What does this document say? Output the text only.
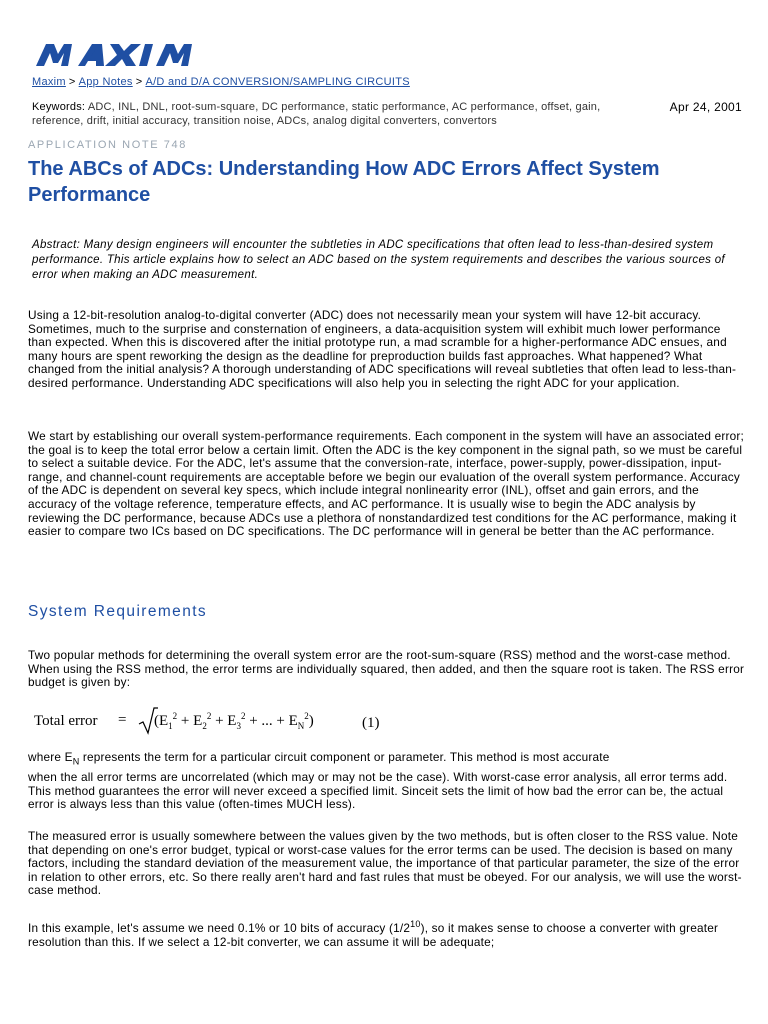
Maxim > App Notes > A/D and D/A CONVERSION/SAMPLING CIRCUITS
Keywords: ADC, INL, DNL, root-sum-square, DC performance, static performance, AC performance, offset, gain, reference, drift, initial accuracy, transition noise, ADCs, analog digital converters, convertors
Apr 24, 2001
APPLICATION NOTE 748
The ABCs of ADCs: Understanding How ADC Errors Affect System Performance

Abstract: Many design engineers will encounter the subtleties in ADC specifications that often lead to less-than-desired system performance. This article explains how to select an ADC based on the system requirements and describes the various sources of error when making an ADC measurement.

Using a 12-bit-resolution analog-to-digital converter (ADC) does not necessarily mean your system will have 12-bit accuracy. Sometimes, much to the surprise and consternation of engineers, a data-acquisition system will exhibit much lower performance than expected. When this is discovered after the initial prototype run, a mad scramble for a higher-performance ADC ensues, and many hours are spent reworking the design as the deadline for preproduction builds fast approaches. What happened? What changed from the initial analysis? A thorough understanding of ADC specifications will reveal subtleties that often lead to less-than-desired performance. Understanding ADC specifications will also help you in selecting the right ADC for your application.

We start by establishing our overall system-performance requirements. Each component in the system will have an associated error; the goal is to keep the total error below a certain limit. Often the ADC is the key component in the signal path, so we must be careful to select a suitable device. For the ADC, let's assume that the conversion-rate, interface, power-supply, power-dissipation, input-range, and channel-count requirements are acceptable before we begin our evaluation of the overall system performance. Accuracy of the ADC is dependent on several key specs, which include integral nonlinearity error (INL), offset and gain errors, and the accuracy of the voltage reference, temperature effects, and AC performance. It is usually wise to begin the ADC analysis by reviewing the DC performance, because ADCs use a plethora of nonstandardized test conditions for the AC performance, making it easier to compare two ICs based on DC specifications. The DC performance will in general be better than the AC performance.

System Requirements

Two popular methods for determining the overall system error are the root-sum-square (RSS) method and the worst-case method. When using the RSS method, the error terms are individually squared, then added, and then the square root is taken. The RSS error budget is given by:

Total error = ($E_1^2 + E_2^2 + E_3^2$ + ... + $E_N^2$)	(1)

where $E_N$ represents the term for a particular circuit component or parameter. This method is most accurate

when the all error terms are uncorrelated (which may or may not be the case). With worst-case error analysis, all error terms add. This method guarantees the error will never exceed a specified limit. Sinceit sets the limit of how bad the error can be, the actual error is always less than this value (often-times MUCH less).

The measured error is usually somewhere between the values given by the two methods, but is often closer to the RSS value. Note that depending on one's error budget, typical or worst-case values for the error terms can be used. The decision is based on many factors, including the standard deviation of the measurement value, the importance of that particular parameter, the size of the error in relation to other errors, etc. So there really aren't hard and fast rules that must be obeyed. For our analysis, we will use the worst-case method.

In this example, let's assume we need 0.1% or 10 bits of accuracy $(1/2^{10})$, so it makes sense to choose a converter with greater resolution than this. If we select a 12-bit converter, we can assume it will be adequate;
